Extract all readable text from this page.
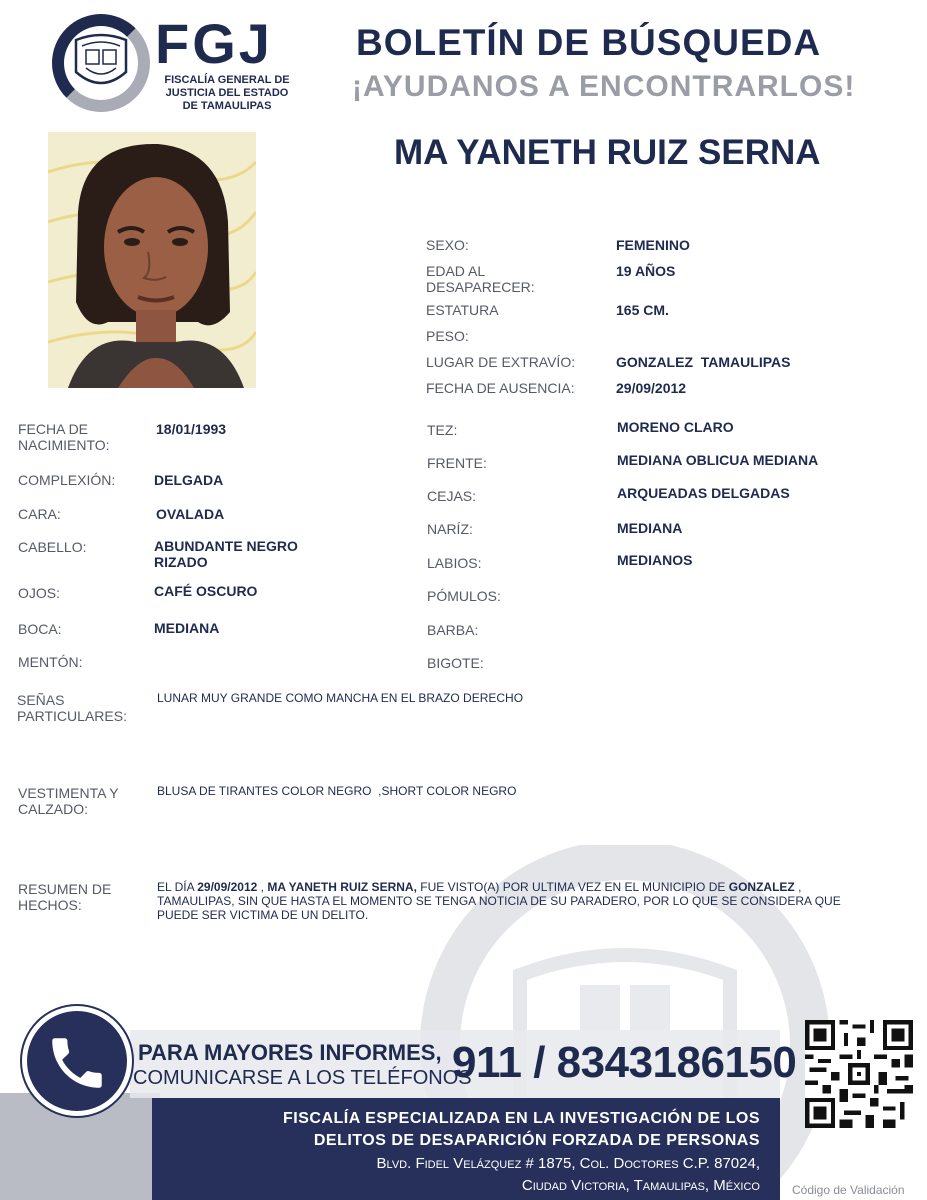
FGJ
FISCALÍA GENERAL DE
JUSTICIA DEL ESTADO
DE TAMAULIPAS
BOLETÍN DE BÚSQUEDA
¡AYUDANOS A ENCONTRARLOS!
MA YANETH RUIZ SERNA
SEXO:	FEMENINO
EDAD AL
DESAPARECER:
19 AÑOS
ESTATURA	165 CM.
PESO:
LUGAR DE EXTRAVÍO:	GONZALEZ  TAMAULIPAS
FECHA DE AUSENCIA:	29/09/2012
FECHA DE
NACIMIENTO:
18/01/1993
COMPLEXIÓN:	DELGADA
CARA:	OVALADA
CABELLO:	ABUNDANTE NEGRO
RIZADO
OJOS:	CAFÉ OSCURO
BOCA:	MEDIANA
MENTÓN:
TEZ:	MORENO CLARO
FRENTE:	MEDIANA OBLICUA MEDIANA
CEJAS:	ARQUEADAS DELGADAS
NARÍZ:	MEDIANA
LABIOS:	MEDIANOS
PÓMULOS:
BARBA:
BIGOTE:
SEÑAS
PARTICULARES:
LUNAR MUY GRANDE COMO MANCHA EN EL BRAZO DERECHO
VESTIMENTA Y
CALZADO:
BLUSA DE TIRANTES COLOR NEGRO  ,SHORT COLOR NEGRO
RESUMEN DE
HECHOS:
EL DÍA 29/09/2012 , MA YANETH RUIZ SERNA, FUE VISTO(A) POR ULTIMA VEZ EN EL MUNICIPIO DE GONZALEZ , TAMAULIPAS, SIN QUE HASTA EL MOMENTO SE TENGA NOTICIA DE SU PARADERO, POR LO QUE SE CONSIDERA QUE PUEDE SER VICTIMA DE UN DELITO.
PARA MAYORES INFORMES,
COMUNICARSE A LOS TELÉFONOS
911 / 8343186150
FISCALÍA ESPECIALIZADA EN LA INVESTIGACIÓN DE LOS
DELITOS DE DESAPARICIÓN FORZADA DE PERSONAS
Blvd. Fidel Velázquez # 1875, Col. Doctores C.P. 87024,
Ciudad Victoria, Tamaulipas, México	Código de Validación
